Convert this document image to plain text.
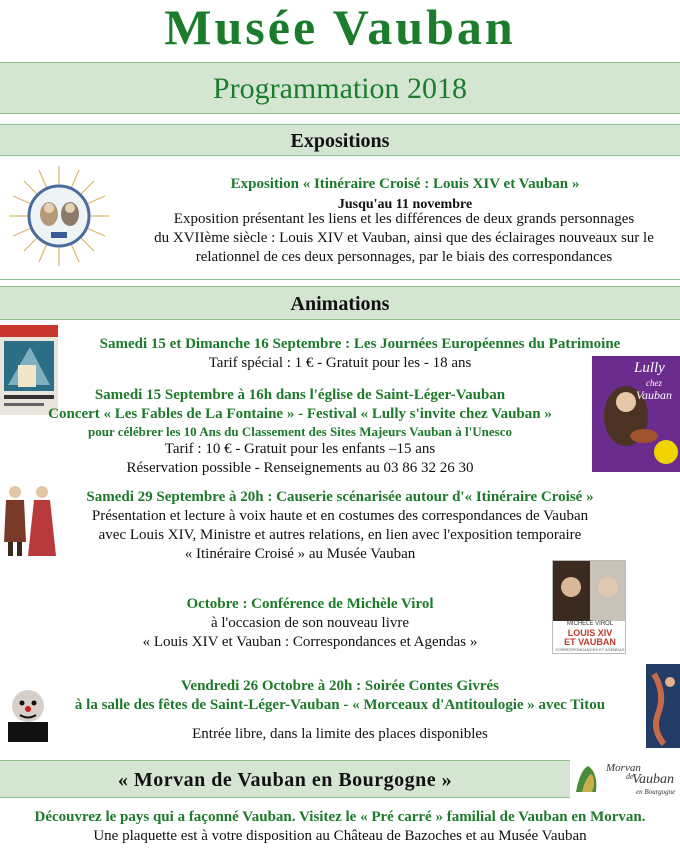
Musée Vauban
Programmation 2018
Expositions
Exposition « Itinéraire Croisé : Louis XIV et Vauban »
Jusqu'au 11 novembre
Exposition présentant les liens et les différences de deux grands personnages
du XVIIème siècle : Louis XIV et Vauban, ainsi que des éclairages nouveaux sur le
relationnel de ces deux personnages, par le biais des correspondances
Animations
Samedi 15 et Dimanche 16 Septembre : Les Journées Européennes du Patrimoine
Tarif spécial : 1 € - Gratuit pour les - 18 ans	Lully
chez
Vauban
Samedi 15 Septembre à 16h dans l'église de Saint-Léger-Vauban
Concert « Les Fables de La Fontaine » - Festival « Lully s'invite chez Vauban »
pour célébrer les 10 Ans du Classement des Sites Majeurs Vauban à l'Unesco
Tarif : 10 € - Gratuit pour les enfants –15 ans
Réservation possible - Renseignements au 03 86 32 26 30
Samedi 29 Septembre à 20h : Causerie scénarisée autour d'« Itinéraire Croisé »
Présentation et lecture à voix haute et en costumes des correspondances de Vauban
avec Louis XIV, Ministre et autres relations, en lien avec l'exposition temporaire
« Itinéraire Croisé » au Musée Vauban
MICHÈLE VIROL
LOUIS XIV
ET VAUBAN
CORRESPONDANCES ET AGENDAS
Octobre : Conférence de Michèle Virol
à l'occasion de son nouveau livre
« Louis XIV et Vauban : Correspondances et Agendas »
Vendredi 26 Octobre à 20h : Soirée Contes Givrés
à la salle des fêtes de Saint-Léger-Vauban - « Morceaux d'Antitoulogie » avec Titou
Entrée libre, dans la limite des places disponibles
« Morvan de Vauban en Bourgogne »
Morvan
de
Vauban
en Bourgogne
Découvrez le pays qui a façonné Vauban. Visitez le « Pré carré » familial de Vauban en Morvan.
Une plaquette est à votre disposition au Château de Bazoches et au Musée Vauban
